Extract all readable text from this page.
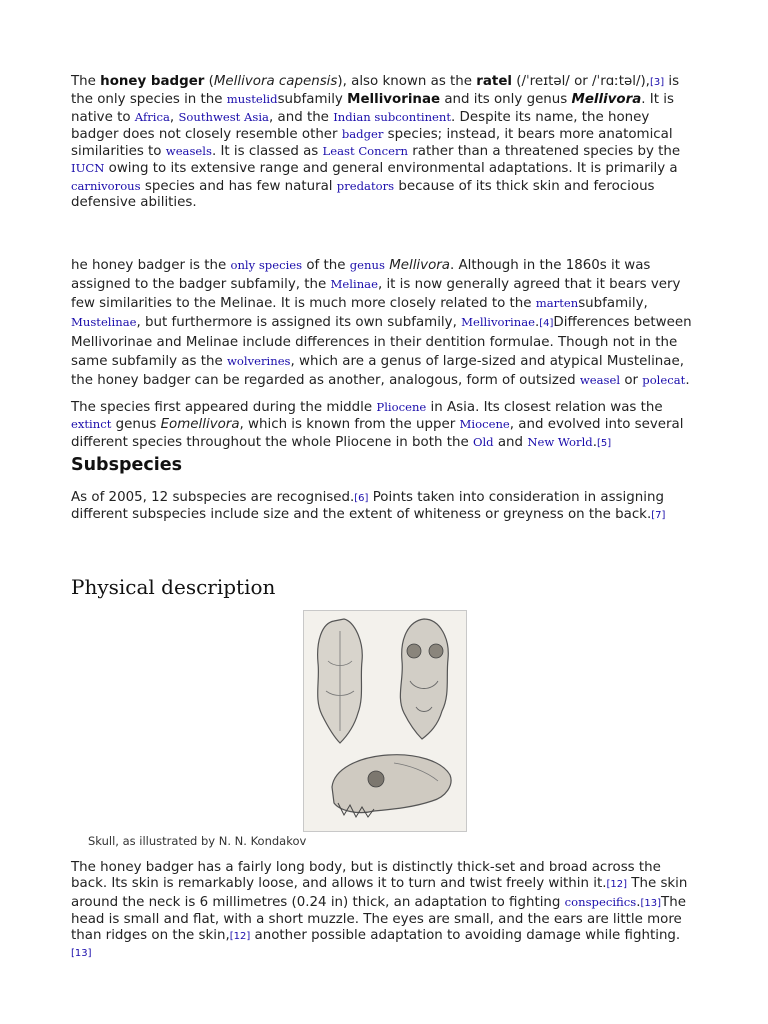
The honey badger (Mellivora capensis), also known as the ratel (/ˈreɪtəl/ or /ˈrɑːtəl/),[3] is the only species in the mustelidsubfamily Mellivorinae and its only genus Mellivora. It is native to Africa, Southwest Asia, and the Indian subcontinent. Despite its name, the honey badger does not closely resemble other badger species; instead, it bears more anatomical similarities to weasels. It is classed as Least Concern rather than a threatened species by the IUCN owing to its extensive range and general environmental adaptations. It is primarily a carnivorous species and has few natural predators because of its thick skin and ferocious defensive abilities.

he honey badger is the only species of the genus Mellivora. Although in the 1860s it was assigned to the badger subfamily, the Melinae, it is now generally agreed that it bears very few similarities to the Melinae. It is much more closely related to the martensubfamily, Mustelinae, but furthermore is assigned its own subfamily, Mellivorinae.[4]Differences between Mellivorinae and Melinae include differences in their dentition formulae. Though not in the same subfamily as the wolverines, which are a genus of large-sized and atypical Mustelinae, the honey badger can be regarded as another, analogous, form of outsized weasel or polecat.

The species first appeared during the middle Pliocene in Asia. Its closest relation was the extinct genus Eomellivora, which is known from the upper Miocene, and evolved into several different species throughout the whole Pliocene in both the Old and New World.[5]

Subspecies

As of 2005, 12 subspecies are recognised.[6] Points taken into consideration in assigning different subspecies include size and the extent of whiteness or greyness on the back.[7]

Physical description

Skull, as illustrated by N. N. Kondakov

The honey badger has a fairly long body, but is distinctly thick-set and broad across the back. Its skin is remarkably loose, and allows it to turn and twist freely within it.[12] The skin around the neck is 6 millimetres (0.24 in) thick, an adaptation to fighting conspecifics.[13]The head is small and flat, with a short muzzle. The eyes are small, and the ears are little more than ridges on the skin,[12] another possible adaptation to avoiding damage while fighting.[13]
